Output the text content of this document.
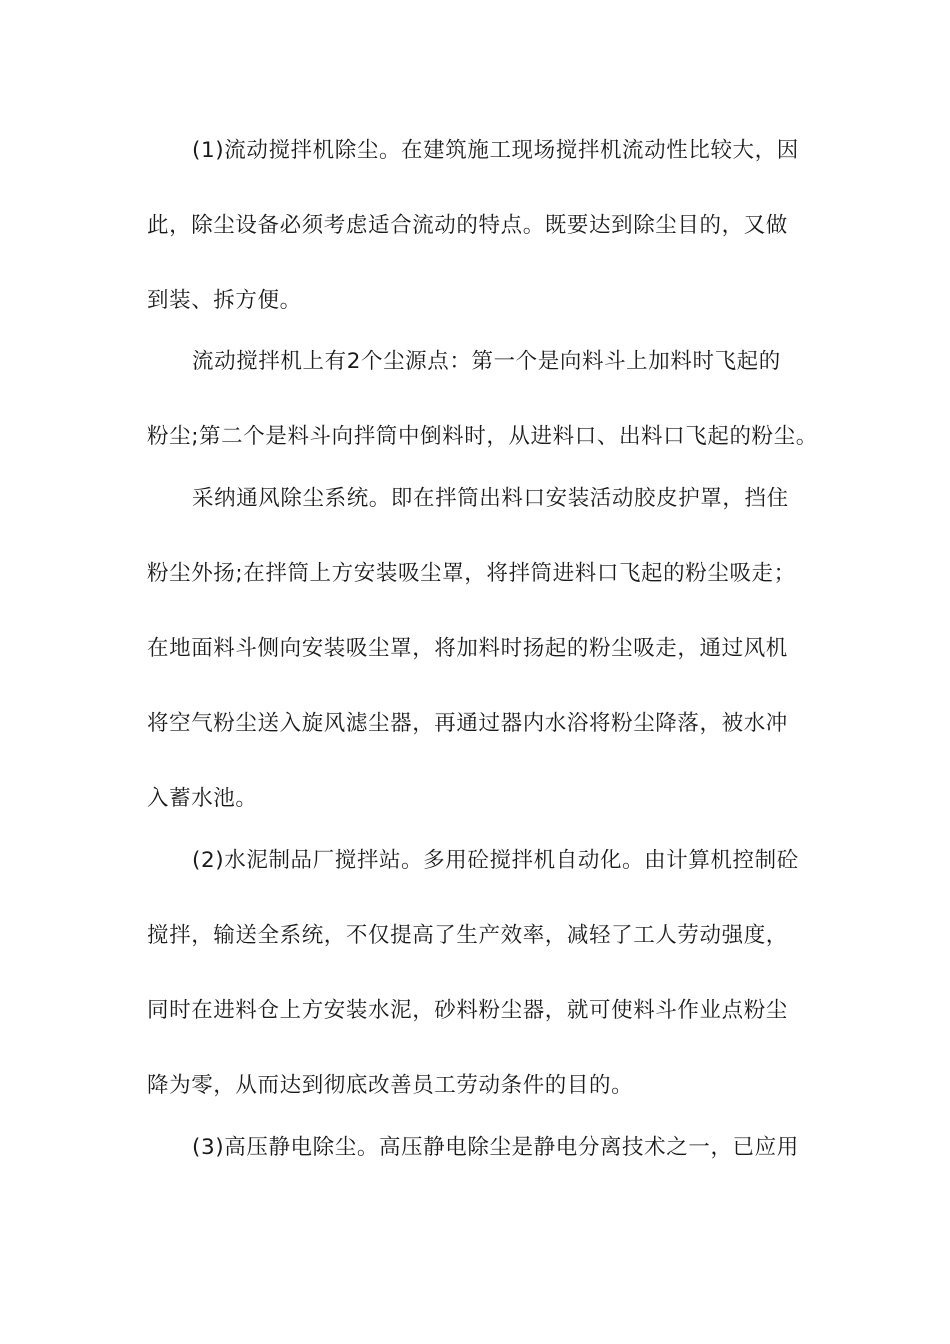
(1)流动搅拌机除尘。在建筑施工现场搅拌机流动性比较大，因
此，除尘设备必须考虑适合流动的特点。既要达到除尘目的，又做
到装、拆方便。
流动搅拌机上有2个尘源点：第一个是向料斗上加料时飞起的
粉尘;第二个是料斗向拌筒中倒料时，从进料口、出料口飞起的粉尘。
采纳通风除尘系统。即在拌筒出料口安装活动胶皮护罩，挡住
粉尘外扬;在拌筒上方安装吸尘罩，将拌筒进料口飞起的粉尘吸走；
在地面料斗侧向安装吸尘罩，将加料时扬起的粉尘吸走，通过风机
将空气粉尘送入旋风滤尘器，再通过器内水浴将粉尘降落，被水冲
入蓄水池。
(2)水泥制品厂搅拌站。多用砼搅拌机自动化。由计算机控制砼
搅拌，输送全系统，不仅提高了生产效率，减轻了工人劳动强度，
同时在进料仓上方安装水泥，砂料粉尘器，就可使料斗作业点粉尘
降为零，从而达到彻底改善员工劳动条件的目的。
(3)高压静电除尘。高压静电除尘是静电分离技术之一，已应用
